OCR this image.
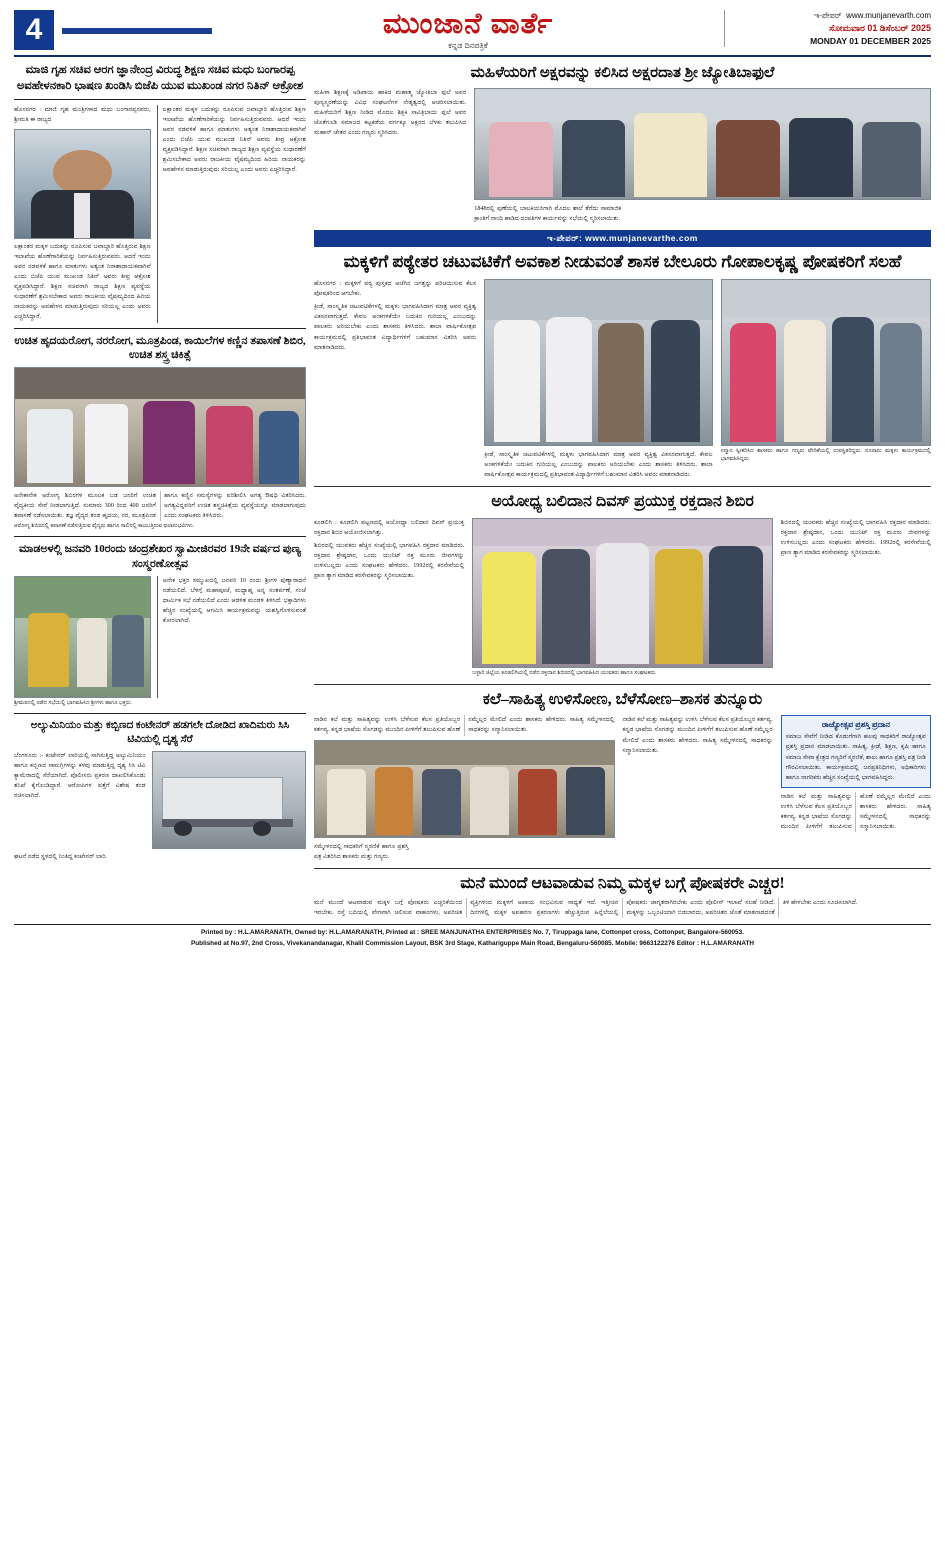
4	ಮುಂಜಾನೆ ವಾರ್ತೆ
ಕನ್ನಡ ದಿನಪತ್ರಿಕೆ
ಇ-ಪೇಪರ್ www.munjanevarth.com
ಸೋಮವಾರ 01 ಡಿಸೆಂಬರ್ 2025
MONDAY 01 DECEMBER 2025
ಮಾಜಿ ಗೃಹ ಸಚಿವ ಆರಗ ಜ್ಞಾನೇಂದ್ರ ವಿರುದ್ಧ ಶಿಕ್ಷಣ ಸಚಿವ ಮಧು ಬಂಗಾರಪ್ಪ ಅವಹೇಳನಕಾರಿ ಭಾಷಣ ಖಂಡಿಸಿ ಬಿಜೆಪಿ ಯುವ ಮುಖಂಡ ನಗರ ನಿತಿನ್ ಆಕ್ರೋಶ
ಹೊಸನಗರ : ಮಾಜಿ ಗೃಹ ಮಂತ್ರಿಗಳಾದ ಮಧು ಬಂಗಾರಪ್ಪನವರು, ಶ್ರೀಮತಿ ಈ ರಾಜ್ಯದ
ಲಕ್ಷಾಂತರ ಮಕ್ಕಳ ಬದುಕನ್ನು ರೂಪಿಸುವ ಜವಾಬ್ದಾರಿ ಹೊತ್ತಿರುವ ಶಿಕ್ಷಣ ಇಲಾಖೆಯ ಹೊಣೆಗಾರಿಕೆಯನ್ನು ನಿರ್ವಹಿಸುತ್ತಿರುವವರು. ಆದರೆ ಇಂದು ಅವರ ನಡವಳಿಕೆ ಹಾಗೂ ಮಾತುಗಳು ಅತ್ಯಂತ ನಿರಾಶಾದಾಯಕವಾಗಿವೆ ಎಂದು ಬಿಜೆಪಿ ಯುವ ಮುಖಂಡ ನಿತಿನ್ ಅವರು ತೀವ್ರ ಆಕ್ರೋಶ ವ್ಯಕ್ತಪಡಿಸಿದ್ದಾರೆ. ಶಿಕ್ಷಣ ಸಚಿವರಾಗಿ ರಾಜ್ಯದ ಶಿಕ್ಷಣ ವ್ಯವಸ್ಥೆಯ ಸುಧಾರಣೆಗೆ ಶ್ರಮಿಸಬೇಕಾದ ಅವರು ರಾಜಕೀಯ ವೈಷಮ್ಯದಿಂದ ಹಿರಿಯ ನಾಯಕರನ್ನು ಅವಹೇಳನ ಮಾಡುತ್ತಿರುವುದು ಸರಿಯಲ್ಲ ಎಂದು ಅವರು ಎಚ್ಚರಿಸಿದ್ದಾರೆ.
ಲಕ್ಷಾಂತರ ಮಕ್ಕಳ ಬದುಕನ್ನು ರೂಪಿಸುವ ಜವಾಬ್ದಾರಿ ಹೊತ್ತಿರುವ ಶಿಕ್ಷಣ ಇಲಾಖೆಯ ಹೊಣೆಗಾರಿಕೆಯನ್ನು ನಿರ್ವಹಿಸುತ್ತಿರುವವರು. ಆದರೆ ಇಂದು ಅವರ ನಡವಳಿಕೆ ಹಾಗೂ ಮಾತುಗಳು ಅತ್ಯಂತ ನಿರಾಶಾದಾಯಕವಾಗಿವೆ ಎಂದು ಬಿಜೆಪಿ ಯುವ ಮುಖಂಡ ನಿತಿನ್ ಅವರು ತೀವ್ರ ಆಕ್ರೋಶ ವ್ಯಕ್ತಪಡಿಸಿದ್ದಾರೆ. ಶಿಕ್ಷಣ ಸಚಿವರಾಗಿ ರಾಜ್ಯದ ಶಿಕ್ಷಣ ವ್ಯವಸ್ಥೆಯ ಸುಧಾರಣೆಗೆ ಶ್ರಮಿಸಬೇಕಾದ ಅವರು ರಾಜಕೀಯ ವೈಷಮ್ಯದಿಂದ ಹಿರಿಯ ನಾಯಕರನ್ನು ಅವಹೇಳನ ಮಾಡುತ್ತಿರುವುದು ಸರಿಯಲ್ಲ ಎಂದು ಅವರು ಎಚ್ಚರಿಸಿದ್ದಾರೆ.
ಉಚಿತ ಹೃದಯರೋಗ, ನರರೋಗ, ಮೂತ್ರಪಿಂಡ, ಕಾಯಿಲೆಗಳ ಕಣ್ಣಿನ ತಪಾಸಣೆ ಶಿಬಿರ, ಉಚಿತ ಶಸ್ತ್ರ ಚಿಕಿತ್ಸೆ
ಅನೇಕಾನೇಕ ಅರೋಗ್ಯ ಶಿಬಿರಗಳ ಮೂಲಕ ಬಡ ಜನರಿಗೆ ಉಚಿತ ವೈದ್ಯಕೀಯ ಸೇವೆ ನೀಡಲಾಗುತ್ತಿದೆ. ಸುಮಾರು 300 ರಿಂದ 400 ಜನರಿಗೆ ತಪಾಸಣೆ ನಡೆಸಲಾಯಿತು. ತಜ್ಞ ವೈದ್ಯರ ತಂಡ ಹೃದಯ, ನರ, ಮೂತ್ರಪಿಂಡ ಹಾಗೂ ಕಣ್ಣಿನ ಸಮಸ್ಯೆಗಳನ್ನು ಪರಿಶೀಲಿಸಿ ಅಗತ್ಯ ಔಷಧಿ ವಿತರಿಸಿದರು. ಅಗತ್ಯವಿದ್ದವರಿಗೆ ಉಚಿತ ಶಸ್ತ್ರಚಿಕಿತ್ಸೆಯ ವ್ಯವಸ್ಥೆಯನ್ನೂ ಮಾಡಲಾಗುವುದು ಎಂದು ಸಂಘಟಕರು ತಿಳಿಸಿದರು.
ಆರೋಗ್ಯ ಶಿಬಿರದಲ್ಲಿ ತಪಾಸಣೆ ನಡೆಸುತ್ತಿರುವ ವೈದ್ಯರು ಹಾಗೂ ಸಾಲಿನಲ್ಲಿ ಕಾಯುತ್ತಿರುವ ಫಲಾನುಭವಿಗಳು.
ಮಾಡಅಳಲ್ಲಿ ಜನವರಿ 10ರಂದು ಚಂದ್ರಶೇಖರ ಸ್ವಾಮೀಜಿರವರ 19ನೇ ವರ್ಷದ ಪುಣ್ಯ ಸಂಸ್ಮರಣೋತ್ಸವ
ಅನೇಕ ಭಕ್ತರ ಸಮ್ಮುಖದಲ್ಲಿ ಜನವರಿ 10 ರಂದು ಶ್ರೀಗಳ ಪುಣ್ಯಾರಾಧನೆ ನಡೆಯಲಿದೆ. ಬೆಳಿಗ್ಗೆ ಮಹಾಪೂಜೆ, ಮಧ್ಯಾಹ್ನ ಅನ್ನ ಸಂತರ್ಪಣೆ, ಸಂಜೆ ಧಾರ್ಮಿಕ ಸಭೆ ನಡೆಯಲಿದೆ ಎಂದು ಆಡಳಿತ ಮಂಡಳಿ ತಿಳಿಸಿದೆ. ಭಕ್ತಾದಿಗಳು ಹೆಚ್ಚಿನ ಸಂಖ್ಯೆಯಲ್ಲಿ ಆಗಮಿಸಿ ಕಾರ್ಯಕ್ರಮವನ್ನು ಯಶಸ್ವಿಗೊಳಿಸುವಂತೆ ಕೋರಲಾಗಿದೆ.
ಶ್ರೀಮಠದಲ್ಲಿ ನಡೆದ ಸಭೆಯಲ್ಲಿ ಭಾಗವಹಿಸಿದ ಶ್ರೀಗಳು ಹಾಗೂ ಭಕ್ತರು.
ಅಲ್ಯುಮಿನಿಯಂ ಮತ್ತು ಕಬ್ಬಿಣದ ಕಂಟೇನರ್ ಹಡಗಲೇ ದೋಡಿದ ಖಾದಿಮರು ಸಿಸಿ ಟಿವಿಯಲ್ಲಿ ದೃಶ್ಯ ಸೆರೆ
ಬೆಂಗಳೂರು :- ಕಂಟೇನರ್ ಲಾರಿಯಲ್ಲಿ ಸಾಗಿಸುತ್ತಿದ್ದ ಅಲ್ಯುಮಿನಿಯಂ ಹಾಗೂ ಕಬ್ಬಿಣದ ಸಾಮಗ್ರಿಗಳನ್ನು ಕಳವು ಮಾಡುತ್ತಿದ್ದ ದೃಶ್ಯ ಸಿಸಿ ಟಿವಿ ಕ್ಯಾಮೆರಾದಲ್ಲಿ ಸೆರೆಯಾಗಿದೆ. ಪೊಲೀಸರು ಪ್ರಕರಣ ದಾಖಲಿಸಿಕೊಂಡು ತನಿಖೆ ಕೈಗೊಂಡಿದ್ದಾರೆ. ಆರೋಪಿಗಳ ಪತ್ತೆಗೆ ವಿಶೇಷ ತಂಡ ರಚಿಸಲಾಗಿದೆ.
ಘಟನೆ ನಡೆದ ಸ್ಥಳದಲ್ಲಿ ನಿಂತಿದ್ದ ಕಂಟೇನರ್ ಲಾರಿ.
ಮಹಿಳೆಯರಿಗೆ ಅಕ್ಷರವನ್ನು ಕಲಿಸಿದ ಅಕ್ಷರದಾತ ಶ್ರೀ ಜ್ಯೋತಿಬಾಫುಲೆ
ಮಹಿಳಾ ಶಿಕ್ಷಣಕ್ಕೆ ಅಡಿಪಾಯ ಹಾಕಿದ ಮಹಾತ್ಮ ಜ್ಯೋತಿಬಾ ಫುಲೆ ಅವರ ಪುಣ್ಯಸ್ಮರಣೆಯನ್ನು ವಿವಿಧ ಸಂಘಟನೆಗಳ ನೇತೃತ್ವದಲ್ಲಿ ಆಚರಿಸಲಾಯಿತು. ಮಹಿಳೆಯರಿಗೆ ಶಿಕ್ಷಣ ನೀಡಿದ ಮೊದಲ ಶಿಕ್ಷಕಿ ಸಾವಿತ್ರಿಬಾಯಿ ಫುಲೆ ಅವರ ಜೊತೆಗೂಡಿ ಸಮಾಜದ ಕಟ್ಟಕಡೆಯ ವರ್ಗಕ್ಕೂ ಅಕ್ಷರದ ಬೆಳಕು ತಲುಪಿಸಿದ ಮಹಾನ್ ಚೇತನ ಎಂದು ಗಣ್ಯರು ಸ್ಮರಿಸಿದರು.
1848ರಲ್ಲಿ ಪುಣೆಯಲ್ಲಿ ಬಾಲಕಿಯರಿಗಾಗಿ ಮೊದಲ ಶಾಲೆ ತೆರೆದು ಸಾಮಾಜಿಕ ಕ್ರಾಂತಿಗೆ ನಾಂದಿ ಹಾಡಿದ ದಂಪತಿಗಳ ಕಾರ್ಯವನ್ನು ಸಭೆಯಲ್ಲಿ ಸ್ಮರಿಸಲಾಯಿತು.
ಇ-ಪೇಪರ್: www.munjanevarthe.com
ಮಕ್ಕಳಿಗೆ ಪಠ್ಯೇತರ ಚಟುವಟಿಕೆಗೆ ಅವಕಾಶ ನೀಡುವಂತೆ ಶಾಸಕ ಬೇಲೂರು ಗೋಪಾಲಕೃಷ್ಣ ಪೋಷಕರಿಗೆ ಸಲಹೆ
ಹೊಸನಗರ : ಮಕ್ಕಳಿಗೆ ಪಠ್ಯ ಪುಸ್ತಕದ ಆಚೆಗಿನ ಜಗತ್ತನ್ನು ಪರಿಚಯಿಸುವ ಕೆಲಸ ಪೋಷಕರಿಂದ ಆಗಬೇಕು.
ಕ್ರೀಡೆ, ಸಾಂಸ್ಕೃತಿಕ ಚಟುವಟಿಕೆಗಳಲ್ಲಿ ಮಕ್ಕಳು ಭಾಗವಹಿಸಿದಾಗ ಮಾತ್ರ ಅವರ ವ್ಯಕ್ತಿತ್ವ ವಿಕಸನವಾಗುತ್ತದೆ. ಕೇವಲ ಅಂಕಗಳಿಕೆಯೇ ಬದುಕಿನ ಗುರಿಯಲ್ಲ ಎಂಬುದನ್ನು ಪಾಲಕರು ಅರಿಯಬೇಕು ಎಂದು ಶಾಸಕರು ತಿಳಿಸಿದರು. ಶಾಲಾ ವಾರ್ಷಿಕೋತ್ಸವ ಕಾರ್ಯಕ್ರಮದಲ್ಲಿ ಪ್ರತಿಭಾವಂತ ವಿದ್ಯಾರ್ಥಿಗಳಿಗೆ ಬಹುಮಾನ ವಿತರಿಸಿ ಅವರು ಮಾತನಾಡಿದರು.
ಕ್ರೀಡೆ, ಸಾಂಸ್ಕೃತಿಕ ಚಟುವಟಿಕೆಗಳಲ್ಲಿ ಮಕ್ಕಳು ಭಾಗವಹಿಸಿದಾಗ ಮಾತ್ರ ಅವರ ವ್ಯಕ್ತಿತ್ವ ವಿಕಸನವಾಗುತ್ತದೆ. ಕೇವಲ ಅಂಕಗಳಿಕೆಯೇ ಬದುಕಿನ ಗುರಿಯಲ್ಲ ಎಂಬುದನ್ನು ಪಾಲಕರು ಅರಿಯಬೇಕು ಎಂದು ಶಾಸಕರು ತಿಳಿಸಿದರು. ಶಾಲಾ ವಾರ್ಷಿಕೋತ್ಸವ ಕಾರ್ಯಕ್ರಮದಲ್ಲಿ ಪ್ರತಿಭಾವಂತ ವಿದ್ಯಾರ್ಥಿಗಳಿಗೆ ಬಹುಮಾನ ವಿತರಿಸಿ ಅವರು ಮಾತನಾಡಿದರು.
ಸನ್ಮಾನ ಸ್ವೀಕರಿಸಿದ ಶಾಸಕರು ಹಾಗೂ ಗಣ್ಯರು ವೇದಿಕೆಯಲ್ಲಿ ಉಪಸ್ಥಿತರಿದ್ದರು. ನೂರಾರು ಮಕ್ಕಳು ಕಾರ್ಯಕ್ರಮದಲ್ಲಿ ಭಾಗವಹಿಸಿದ್ದರು.
ಅಯೋಧ್ಯ ಬಲಿದಾನ ದಿವಸ್ ಪ್ರಯುಕ್ತ ರಕ್ತದಾನ ಶಿಬಿರ
ಕೂಡಲಿಗಿ : ಕೂಡಲಿಗಿ ಪಟ್ಟಣದಲ್ಲಿ ಅಯೋಧ್ಯಾ ಬಲಿದಾನ ದಿವಸ್ ಪ್ರಯುಕ್ತ ರಕ್ತದಾನ ಶಿಬಿರ ಆಯೋಜಿಸಲಾಗಿತ್ತು.
ಶಿಬಿರದಲ್ಲಿ ಯುವಕರು ಹೆಚ್ಚಿನ ಸಂಖ್ಯೆಯಲ್ಲಿ ಭಾಗವಹಿಸಿ ರಕ್ತದಾನ ಮಾಡಿದರು. ರಕ್ತದಾನ ಶ್ರೇಷ್ಠದಾನ, ಒಂದು ಯುನಿಟ್ ರಕ್ತ ಮೂರು ಜೀವಗಳನ್ನು ಉಳಿಸಬಲ್ಲದು ಎಂದು ಸಂಘಟಕರು ಹೇಳಿದರು. 1992ರಲ್ಲಿ ಕರಸೇವೆಯಲ್ಲಿ ಪ್ರಾಣ ತ್ಯಾಗ ಮಾಡಿದ ಕರಸೇವಕರನ್ನು ಸ್ಮರಿಸಲಾಯಿತು.
ಬಳ್ಳಾರಿ ಜಿಲ್ಲೆಯ ಕೂಡಲಿಗಿಯಲ್ಲಿ ನಡೆದ ರಕ್ತದಾನ ಶಿಬಿರದಲ್ಲಿ ಭಾಗವಹಿಸಿದ ಯುವಕರು ಹಾಗೂ ಸಂಘಟಕರು.
ಶಿಬಿರದಲ್ಲಿ ಯುವಕರು ಹೆಚ್ಚಿನ ಸಂಖ್ಯೆಯಲ್ಲಿ ಭಾಗವಹಿಸಿ ರಕ್ತದಾನ ಮಾಡಿದರು. ರಕ್ತದಾನ ಶ್ರೇಷ್ಠದಾನ, ಒಂದು ಯುನಿಟ್ ರಕ್ತ ಮೂರು ಜೀವಗಳನ್ನು ಉಳಿಸಬಲ್ಲದು ಎಂದು ಸಂಘಟಕರು ಹೇಳಿದರು. 1992ರಲ್ಲಿ ಕರಸೇವೆಯಲ್ಲಿ ಪ್ರಾಣ ತ್ಯಾಗ ಮಾಡಿದ ಕರಸೇವಕರನ್ನು ಸ್ಮರಿಸಲಾಯಿತು.
ಕಲೆ–ಸಾಹಿತ್ಯ ಉಳಿಸೋಣ, ಬೆಳೆಸೋಣ–ಶಾಸಕ ತುನ್ನೂರು
ನಾಡಿನ ಕಲೆ ಮತ್ತು ಸಾಹಿತ್ಯವನ್ನು ಉಳಿಸಿ ಬೆಳೆಸುವ ಕೆಲಸ ಪ್ರತಿಯೊಬ್ಬರ ಕರ್ತವ್ಯ. ಕನ್ನಡ ಭಾಷೆಯ ಸೊಗಡನ್ನು ಮುಂದಿನ ಪೀಳಿಗೆಗೆ ತಲುಪಿಸುವ ಹೊಣೆ ನಮ್ಮೆಲ್ಲರ ಮೇಲಿದೆ ಎಂದು ಶಾಸಕರು ಹೇಳಿದರು. ಸಾಹಿತ್ಯ ಸಮ್ಮೇಳನದಲ್ಲಿ ಸಾಧಕರನ್ನು ಸನ್ಮಾನಿಸಲಾಯಿತು.
ಸಮ್ಮೇಳನದಲ್ಲಿ ಸಾಧಕರಿಗೆ ಸ್ಮರಣಿಕೆ ಹಾಗೂ ಪ್ರಶಸ್ತಿ ಪತ್ರ ವಿತರಿಸಿದ ಶಾಸಕರು ಮತ್ತು ಗಣ್ಯರು.
ನಾಡಿನ ಕಲೆ ಮತ್ತು ಸಾಹಿತ್ಯವನ್ನು ಉಳಿಸಿ ಬೆಳೆಸುವ ಕೆಲಸ ಪ್ರತಿಯೊಬ್ಬರ ಕರ್ತವ್ಯ. ಕನ್ನಡ ಭಾಷೆಯ ಸೊಗಡನ್ನು ಮುಂದಿನ ಪೀಳಿಗೆಗೆ ತಲುಪಿಸುವ ಹೊಣೆ ನಮ್ಮೆಲ್ಲರ ಮೇಲಿದೆ ಎಂದು ಶಾಸಕರು ಹೇಳಿದರು. ಸಾಹಿತ್ಯ ಸಮ್ಮೇಳನದಲ್ಲಿ ಸಾಧಕರನ್ನು ಸನ್ಮಾನಿಸಲಾಯಿತು.
ರಾಜ್ಯೋತ್ಸವ ಪ್ರಶಸ್ತಿ ಪ್ರದಾನ
ಸಮಾಜ ಸೇವೆಗೆ ನೀಡಿದ ಕೊಡುಗೆಗಾಗಿ ಹಲವು ಸಾಧಕರಿಗೆ ರಾಜ್ಯೋತ್ಸವ ಪ್ರಶಸ್ತಿ ಪ್ರದಾನ ಮಾಡಲಾಯಿತು. ಸಾಹಿತ್ಯ, ಕ್ರೀಡೆ, ಶಿಕ್ಷಣ, ಕೃಷಿ ಹಾಗೂ ಸಮಾಜ ಸೇವಾ ಕ್ಷೇತ್ರದ ಗಣ್ಯರಿಗೆ ಸ್ಮರಣಿಕೆ, ಶಾಲು ಹಾಗೂ ಪ್ರಶಸ್ತಿ ಪತ್ರ ನೀಡಿ ಗೌರವಿಸಲಾಯಿತು. ಕಾರ್ಯಕ್ರಮದಲ್ಲಿ ಜನಪ್ರತಿನಿಧಿಗಳು, ಅಧಿಕಾರಿಗಳು ಹಾಗೂ ನಾಗರಿಕರು ಹೆಚ್ಚಿನ ಸಂಖ್ಯೆಯಲ್ಲಿ ಭಾಗವಹಿಸಿದ್ದರು.
ನಾಡಿನ ಕಲೆ ಮತ್ತು ಸಾಹಿತ್ಯವನ್ನು ಉಳಿಸಿ ಬೆಳೆಸುವ ಕೆಲಸ ಪ್ರತಿಯೊಬ್ಬರ ಕರ್ತವ್ಯ. ಕನ್ನಡ ಭಾಷೆಯ ಸೊಗಡನ್ನು ಮುಂದಿನ ಪೀಳಿಗೆಗೆ ತಲುಪಿಸುವ ಹೊಣೆ ನಮ್ಮೆಲ್ಲರ ಮೇಲಿದೆ ಎಂದು ಶಾಸಕರು ಹೇಳಿದರು. ಸಾಹಿತ್ಯ ಸಮ್ಮೇಳನದಲ್ಲಿ ಸಾಧಕರನ್ನು ಸನ್ಮಾನಿಸಲಾಯಿತು.
ಮನೆ ಮುಂದೆ ಆಟವಾಡುವ ನಿಮ್ಮ ಮಕ್ಕಳ ಬಗ್ಗೆ ಪೋಷಕರೇ ಎಚ್ಚರ!
ಮನೆ ಮುಂದೆ ಆಟವಾಡುವ ಮಕ್ಕಳ ಬಗ್ಗೆ ಪೋಷಕರು ಎಚ್ಚರಿಕೆಯಿಂದ ಇರಬೇಕು. ರಸ್ತೆ ಬದಿಯಲ್ಲಿ ವೇಗವಾಗಿ ಚಲಿಸುವ ವಾಹನಗಳು, ಅಪರಿಚಿತ ವ್ಯಕ್ತಿಗಳಿಂದ ಮಕ್ಕಳಿಗೆ ಅಪಾಯ ಸಂಭವಿಸುವ ಸಾಧ್ಯತೆ ಇದೆ. ಇತ್ತೀಚಿನ ದಿನಗಳಲ್ಲಿ ಮಕ್ಕಳ ಅಪಹರಣ ಪ್ರಕರಣಗಳು ಹೆಚ್ಚುತ್ತಿರುವ ಹಿನ್ನೆಲೆಯಲ್ಲಿ ಪೋಷಕರು ಜಾಗೃತರಾಗಿರಬೇಕು ಎಂದು ಪೊಲೀಸ್ ಇಲಾಖೆ ಸಲಹೆ ನೀಡಿದೆ. ಮಕ್ಕಳನ್ನು ಒಬ್ಬಂಟಿಯಾಗಿ ಬಿಡಬಾರದು, ಅಪರಿಚಿತರ ಜೊತೆ ಮಾತನಾಡದಂತೆ ತಿಳಿ ಹೇಳಬೇಕು ಎಂದು ಸೂಚಿಸಲಾಗಿದೆ.
Printed by : H.L.AMARANATH, Owned by: H.L.AMARANATH, Printed at : SREE MANJUNATHA ENTERPRISES No. 7, Tiruppaga lane, Cottonpet cross, Cottonpet, Bangalore-560053.
Published at No.97, 2nd Cross, Vivekanandanagar, Khalil Commission Layout, BSK 3rd Stage, Kathariguppe Main Road, Bengaluru-560085. Mobile: 9663122276 Editor : H.L.AMARANATH
